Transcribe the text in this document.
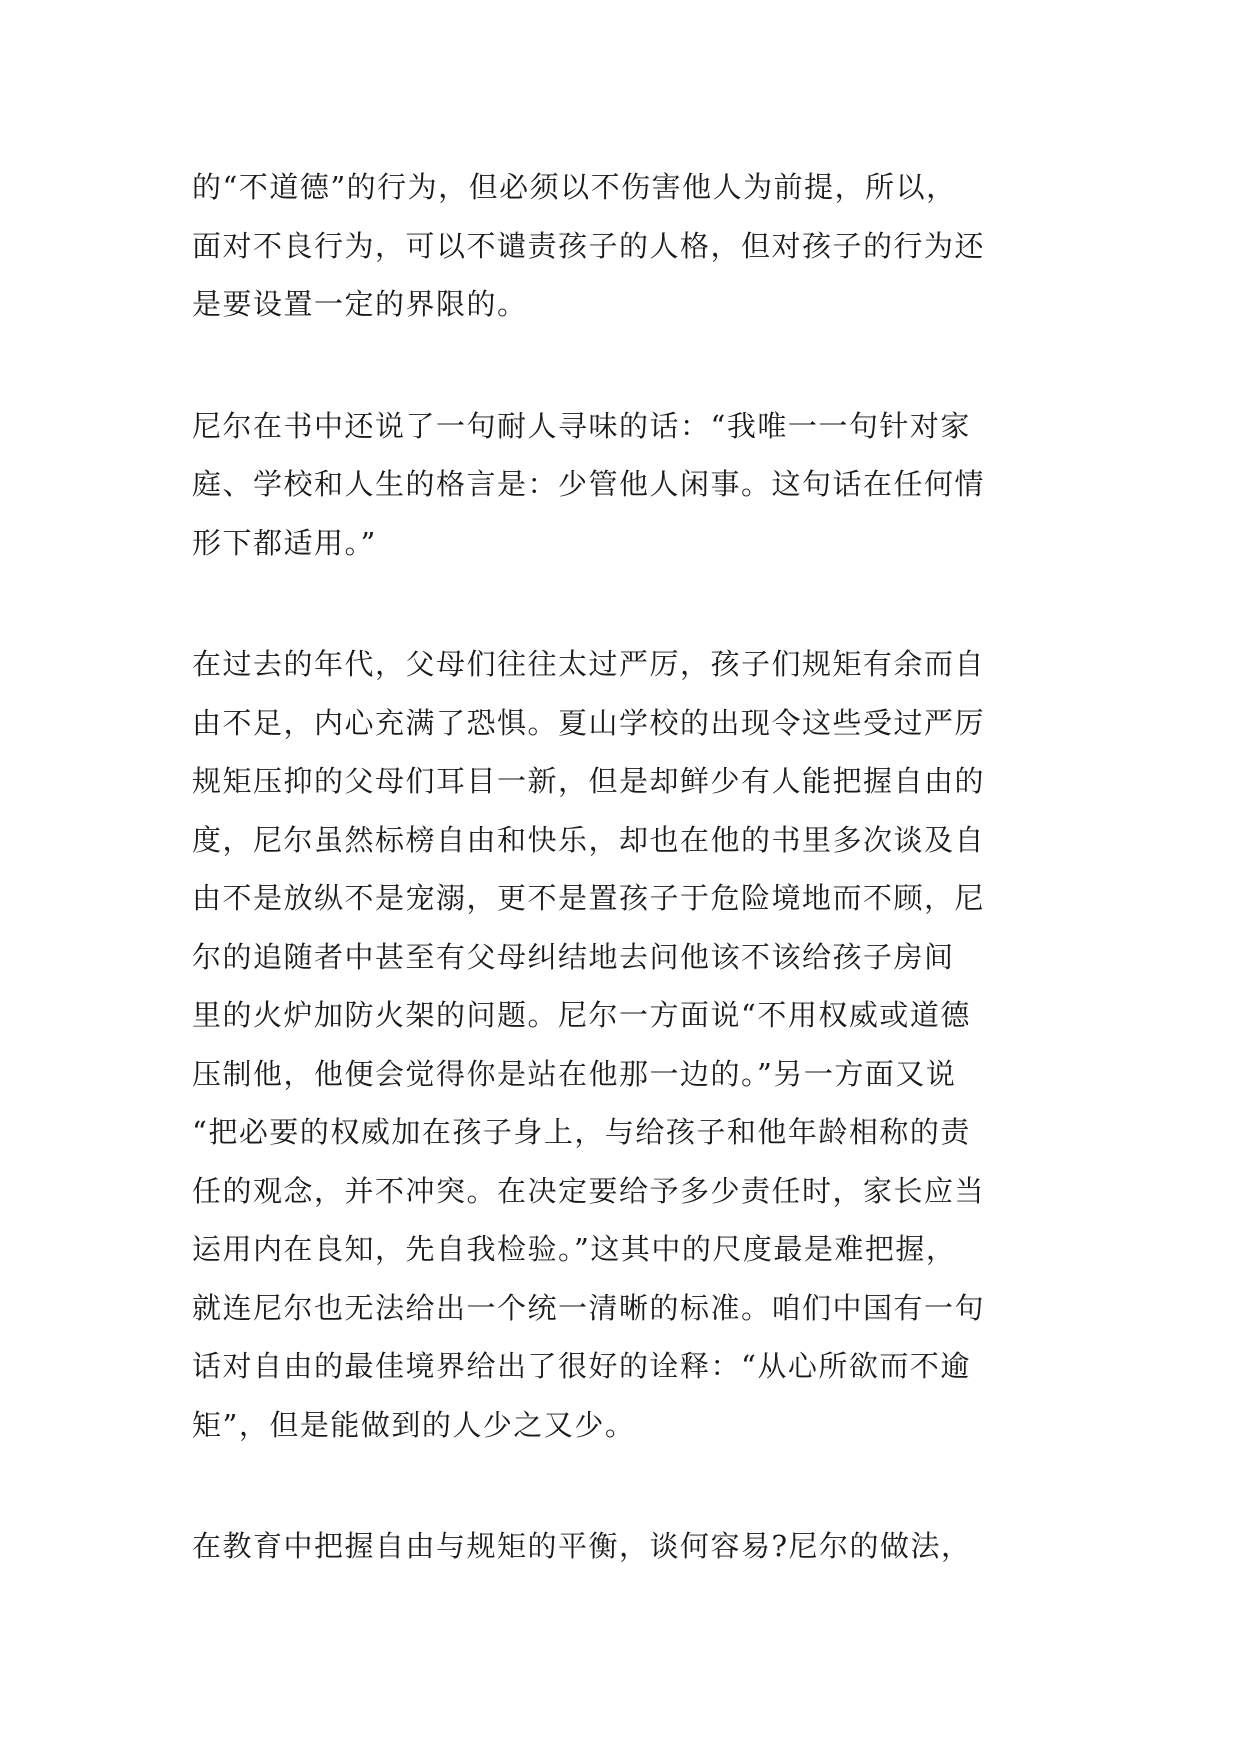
的“不道德”的行为，但必须以不伤害他人为前提，所以，
面对不良行为，可以不谴责孩子的人格，但对孩子的行为还
是要设置一定的界限的。

尼尔在书中还说了一句耐人寻味的话：“我唯一一句针对家
庭、学校和人生的格言是：少管他人闲事。这句话在任何情
形下都适用。”

在过去的年代，父母们往往太过严厉，孩子们规矩有余而自
由不足，内心充满了恐惧。夏山学校的出现令这些受过严厉
规矩压抑的父母们耳目一新，但是却鲜少有人能把握自由的
度，尼尔虽然标榜自由和快乐，却也在他的书里多次谈及自
由不是放纵不是宠溺，更不是置孩子于危险境地而不顾，尼
尔的追随者中甚至有父母纠结地去问他该不该给孩子房间
里的火炉加防火架的问题。尼尔一方面说“不用权威或道德
压制他，他便会觉得你是站在他那一边的。”另一方面又说
“把必要的权威加在孩子身上，与给孩子和他年龄相称的责
任的观念，并不冲突。在决定要给予多少责任时，家长应当
运用内在良知，先自我检验。”这其中的尺度最是难把握，
就连尼尔也无法给出一个统一清晰的标准。咱们中国有一句
话对自由的最佳境界给出了很好的诠释：“从心所欲而不逾
矩”，但是能做到的人少之又少。

在教育中把握自由与规矩的平衡，谈何容易?尼尔的做法，
